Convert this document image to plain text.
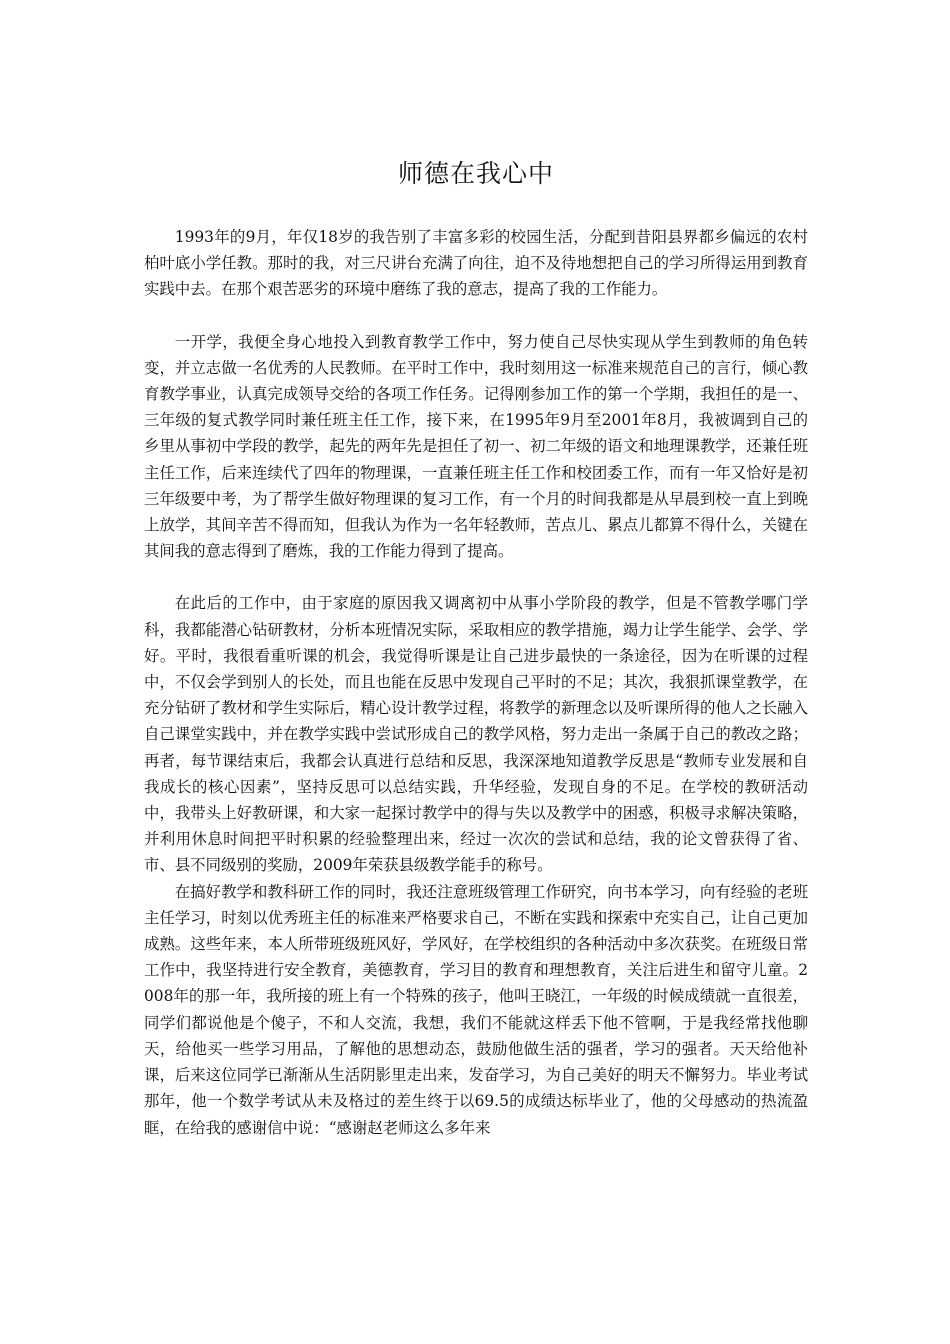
师德在我心中

1993年的9月，年仅18岁的我告别了丰富多彩的校园生活，分配到昔阳县界都乡偏远的农村柏叶底小学任教。那时的我，对三尺讲台充满了向往，迫不及待地想把自己的学习所得运用到教育实践中去。在那个艰苦恶劣的环境中磨练了我的意志，提高了我的工作能力。

一开学，我便全身心地投入到教育教学工作中，努力使自己尽快实现从学生到教师的角色转变，并立志做一名优秀的人民教师。在平时工作中，我时刻用这一标准来规范自己的言行，倾心教育教学事业，认真完成领导交给的各项工作任务。记得刚参加工作的第一个学期，我担任的是一、三年级的复式教学同时兼任班主任工作，接下来，在1995年9月至2001年8月，我被调到自己的乡里从事初中学段的教学，起先的两年先是担任了初一、初二年级的语文和地理课教学，还兼任班主任工作，后来连续代了四年的物理课，一直兼任班主任工作和校团委工作，而有一年又恰好是初三年级要中考，为了帮学生做好物理课的复习工作，有一个月的时间我都是从早晨到校一直上到晚上放学，其间辛苦不得而知，但我认为作为一名年轻教师，苦点儿、累点儿都算不得什么，关键在其间我的意志得到了磨炼，我的工作能力得到了提高。

在此后的工作中，由于家庭的原因我又调离初中从事小学阶段的教学，但是不管教学哪门学科，我都能潜心钻研教材，分析本班情况实际，采取相应的教学措施，竭力让学生能学、会学、学好。平时，我很看重听课的机会，我觉得听课是让自己进步最快的一条途径，因为在听课的过程中，不仅会学到别人的长处，而且也能在反思中发现自己平时的不足；其次，我狠抓课堂教学，在充分钻研了教材和学生实际后，精心设计教学过程，将教学的新理念以及听课所得的他人之长融入自己课堂实践中，并在教学实践中尝试形成自己的教学风格，努力走出一条属于自己的教改之路；再者，每节课结束后，我都会认真进行总结和反思，我深深地知道教学反思是“教师专业发展和自我成长的核心因素”，坚持反思可以总结实践，升华经验，发现自身的不足。在学校的教研活动中，我带头上好教研课，和大家一起探讨教学中的得与失以及教学中的困惑，积极寻求解决策略，并利用休息时间把平时积累的经验整理出来，经过一次次的尝试和总结，我的论文曾获得了省、市、县不同级别的奖励，2009年荣获县级教学能手的称号。

在搞好教学和教科研工作的同时，我还注意班级管理工作研究，向书本学习，向有经验的老班主任学习，时刻以优秀班主任的标准来严格要求自己，不断在实践和探索中充实自己，让自己更加成熟。这些年来，本人所带班级班风好，学风好，在学校组织的各种活动中多次获奖。在班级日常工作中，我坚持进行安全教育，美德教育，学习目的教育和理想教育，关注后进生和留守儿童。2008年的那一年，我所接的班上有一个特殊的孩子，他叫王晓江，一年级的时候成绩就一直很差，同学们都说他是个傻子，不和人交流，我想，我们不能就这样丢下他不管啊，于是我经常找他聊天，给他买一些学习用品，了解他的思想动态，鼓励他做生活的强者，学习的强者。天天给他补课，后来这位同学已渐渐从生活阴影里走出来，发奋学习，为自己美好的明天不懈努力。毕业考试那年，他一个数学考试从未及格过的差生终于以69.5的成绩达标毕业了，他的父母感动的热流盈眶，在给我的感谢信中说：“感谢赵老师这么多年来
